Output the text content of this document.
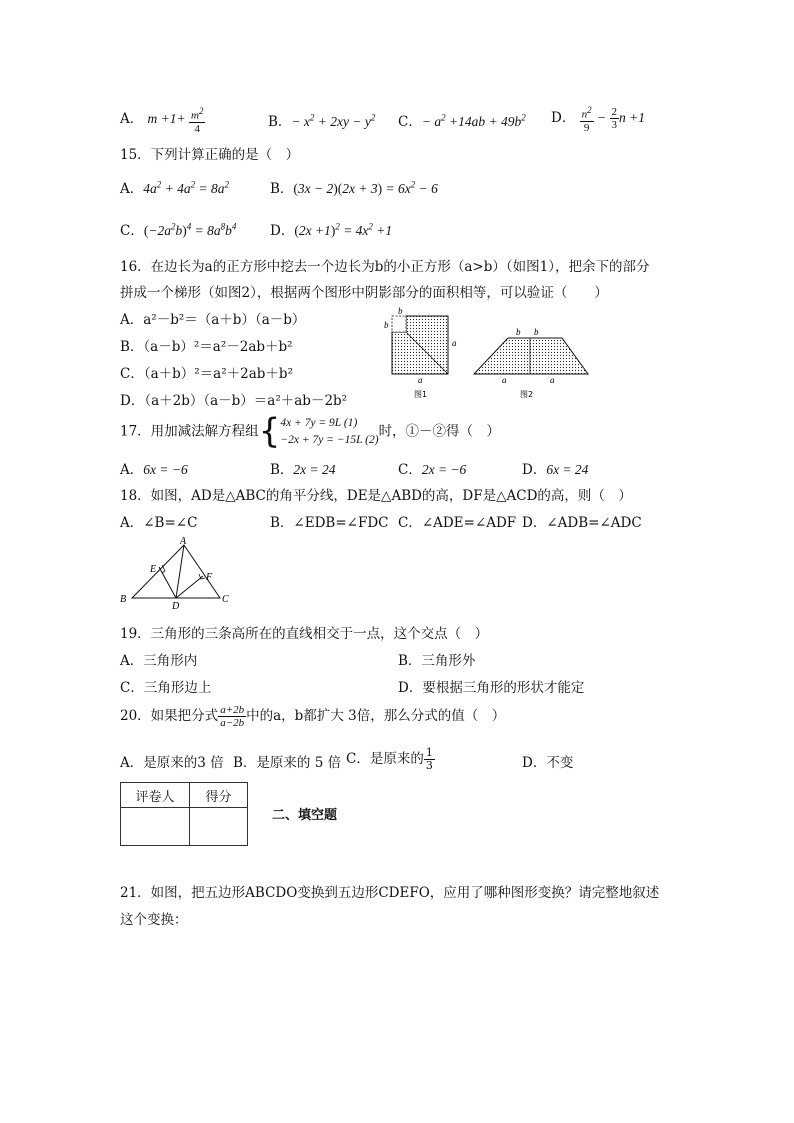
A． $m +1+ \frac{m^2}{4}$	B．− $x^2 + 2xy - y^2$ C．− $a^2 +14ab + 49b^2$ D． $\frac{n^2}{9} - \frac{2}{3}$ n +1
15．下列计算正确的是（　）
A．$4a^2 + 4a^2 = 8a^2$	B．$(3x - 2)(2x + 3) = 6x^2 - 6$
C．$(-2a^2b)^4 = 8a^8b^4$ D．$(2x +1)^2 = 4x^2 +1$
16．在边长为a的正方形中挖去一个边长为b的小正方形（a>b）（如图1），把余下的部分
拼成一个梯形（如图2），根据两个图形中阴影部分的面积相等，可以验证（　　）
A．a²－b²＝（a＋b）（a－b）
B．（a－b）²＝a²－2ab＋b²
C．（a＋b）²＝a²＋2ab＋b²
D．（a＋2b）（a－b）＝a²＋ab－2b²
b
b
a
a
图1
b b
a	a
图2
17．用加减法解方程组{ 4x + 7y = 9L (1)
−2x + 7y = −15L (2) 时，①－②得（　）
A．6x = −6	B．2x = 24	C．2x = −6	D．6x = 24
18．如图，AD是△ABC的角平分线，DE是△ABD的高，DF是△ACD的高，则（　）
A．∠B=∠C	B．∠EDB=∠FDC C．∠ADE=∠ADF D．∠ADB=∠ADC
A
B	C
D
E
F
19．三角形的三条高所在的直线相交于一点，这个交点（　）
A．三角形内	B．三角形外
C．三角形边上	D．要根据三角形的形状才能定
20．如果把分式 $\frac{a+2b}{a-2b}$ 中的a，b都扩大 3倍，那么分式的值（　）
A．是原来的3 倍 B．是原来的 5 倍 C．是原来的 $\frac{1}{3}$	D．不变
评卷人	得分

二、填空题
21．如图，把五边形ABCDO变换到五边形CDEFO，应用了哪种图形变换？请完整地叙述
这个变换：
